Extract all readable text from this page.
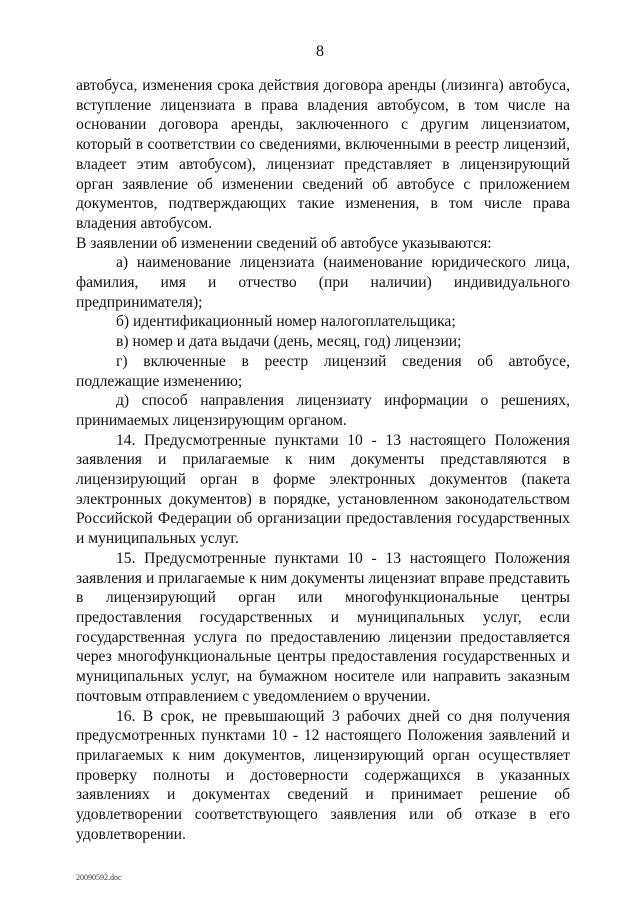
8

автобуса, изменения срока действия договора аренды (лизинга) автобуса, вступление лицензиата в права владения автобусом, в том числе на основании договора аренды, заключенного с другим лицензиатом, который в соответствии со сведениями, включенными в реестр лицензий, владеет этим автобусом), лицензиат представляет в лицензирующий орган заявление об изменении сведений об автобусе с приложением документов, подтверждающих такие изменения, в том числе права владения автобусом.

В заявлении об изменении сведений об автобусе указываются:

а) наименование лицензиата (наименование юридического лица, фамилия, имя и отчество (при наличии) индивидуального предпринимателя);

б) идентификационный номер налогоплательщика;

в) номер и дата выдачи (день, месяц, год) лицензии;

г) включенные в реестр лицензий сведения об автобусе, подлежащие изменению;

д) способ направления лицензиату информации о решениях, принимаемых лицензирующим органом.

14. Предусмотренные пунктами 10 - 13 настоящего Положения заявления и прилагаемые к ним документы представляются в лицензирующий орган в форме электронных документов (пакета электронных документов) в порядке, установленном законодательством Российской Федерации об организации предоставления государственных и муниципальных услуг.

15. Предусмотренные пунктами 10 - 13 настоящего Положения заявления и прилагаемые к ним документы лицензиат вправе представить в лицензирующий орган или многофункциональные центры предоставления государственных и муниципальных услуг, если государственная услуга по предоставлению лицензии предоставляется через многофункциональные центры предоставления государственных и муниципальных услуг, на бумажном носителе или направить заказным почтовым отправлением с уведомлением о вручении.

16. В срок, не превышающий 3 рабочих дней со дня получения предусмотренных пунктами 10 - 12 настоящего Положения заявлений и прилагаемых к ним документов, лицензирующий орган осуществляет проверку полноты и достоверности содержащихся в указанных заявлениях и документах сведений и принимает решение об удовлетворении соответствующего заявления или об отказе в его удовлетворении.

20090592.doc
